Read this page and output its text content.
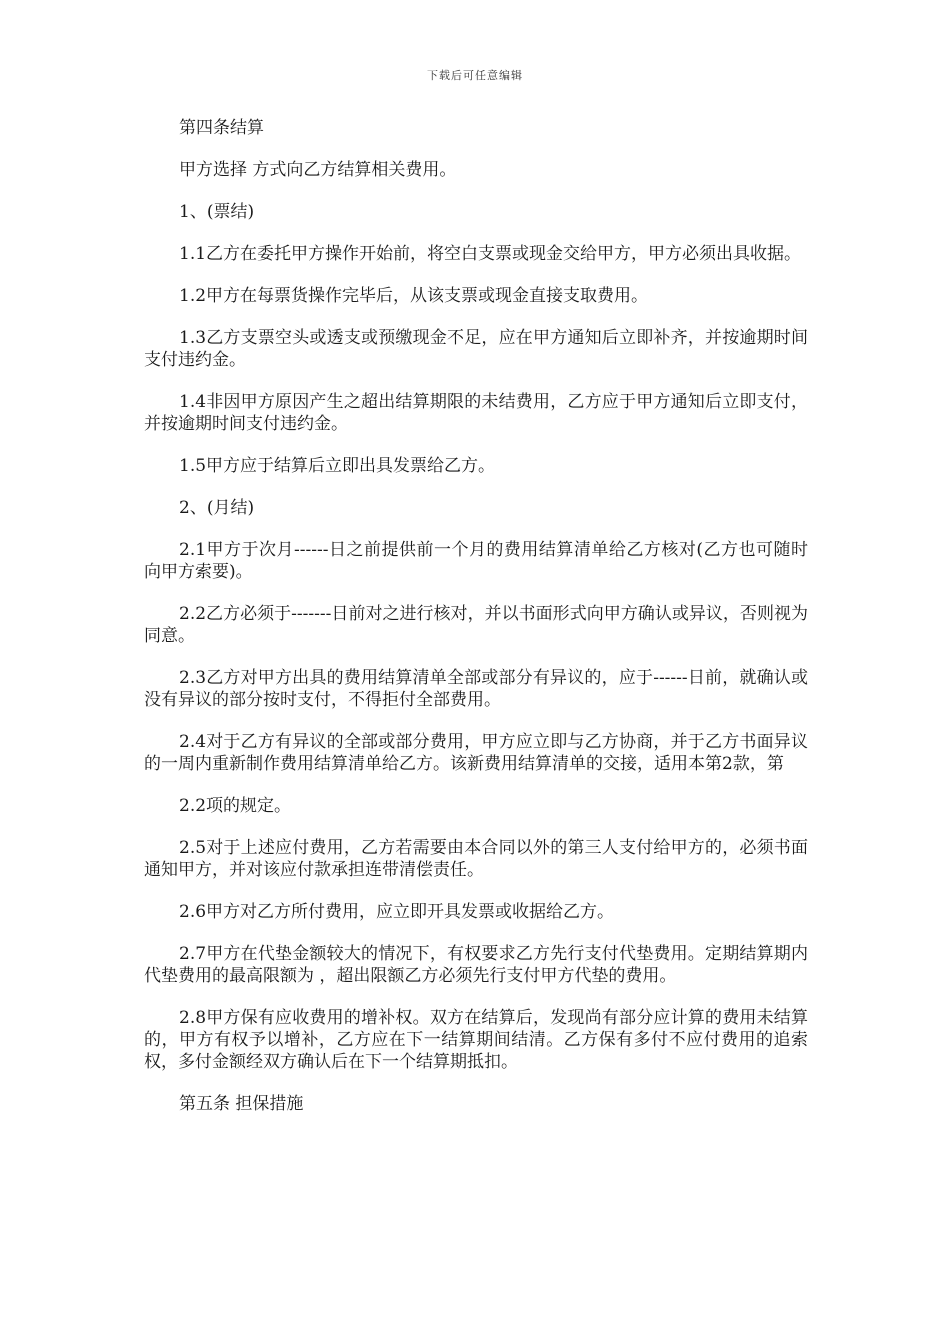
下载后可任意编辑

第四条结算

甲方选择 方式向乙方结算相关费用。

1、(票结)

1.1乙方在委托甲方操作开始前，将空白支票或现金交给甲方，甲方必须出具收据。

1.2甲方在每票货操作完毕后，从该支票或现金直接支取费用。

1.3乙方支票空头或透支或预缴现金不足，应在甲方通知后立即补齐，并按逾期时间支付违约金。

1.4非因甲方原因产生之超出结算期限的未结费用，乙方应于甲方通知后立即支付，并按逾期时间支付违约金。

1.5甲方应于结算后立即出具发票给乙方。

2、(月结)

2.1甲方于次月------日之前提供前一个月的费用结算清单给乙方核对(乙方也可随时向甲方索要)。

2.2乙方必须于-------日前对之进行核对，并以书面形式向甲方确认或异议，否则视为同意。

2.3乙方对甲方出具的费用结算清单全部或部分有异议的，应于------日前，就确认或没有异议的部分按时支付，不得拒付全部费用。

2.4对于乙方有异议的全部或部分费用，甲方应立即与乙方协商，并于乙方书面异议的一周内重新制作费用结算清单给乙方。该新费用结算清单的交接，适用本第2款，第

2.2项的规定。

2.5对于上述应付费用，乙方若需要由本合同以外的第三人支付给甲方的，必须书面通知甲方，并对该应付款承担连带清偿责任。

2.6甲方对乙方所付费用，应立即开具发票或收据给乙方。

2.7甲方在代垫金额较大的情况下，有权要求乙方先行支付代垫费用。定期结算期内代垫费用的最高限额为 ，超出限额乙方必须先行支付甲方代垫的费用。

2.8甲方保有应收费用的增补权。双方在结算后，发现尚有部分应计算的费用未结算的，甲方有权予以增补，乙方应在下一结算期间结清。乙方保有多付不应付费用的追索权，多付金额经双方确认后在下一个结算期抵扣。

第五条 担保措施
